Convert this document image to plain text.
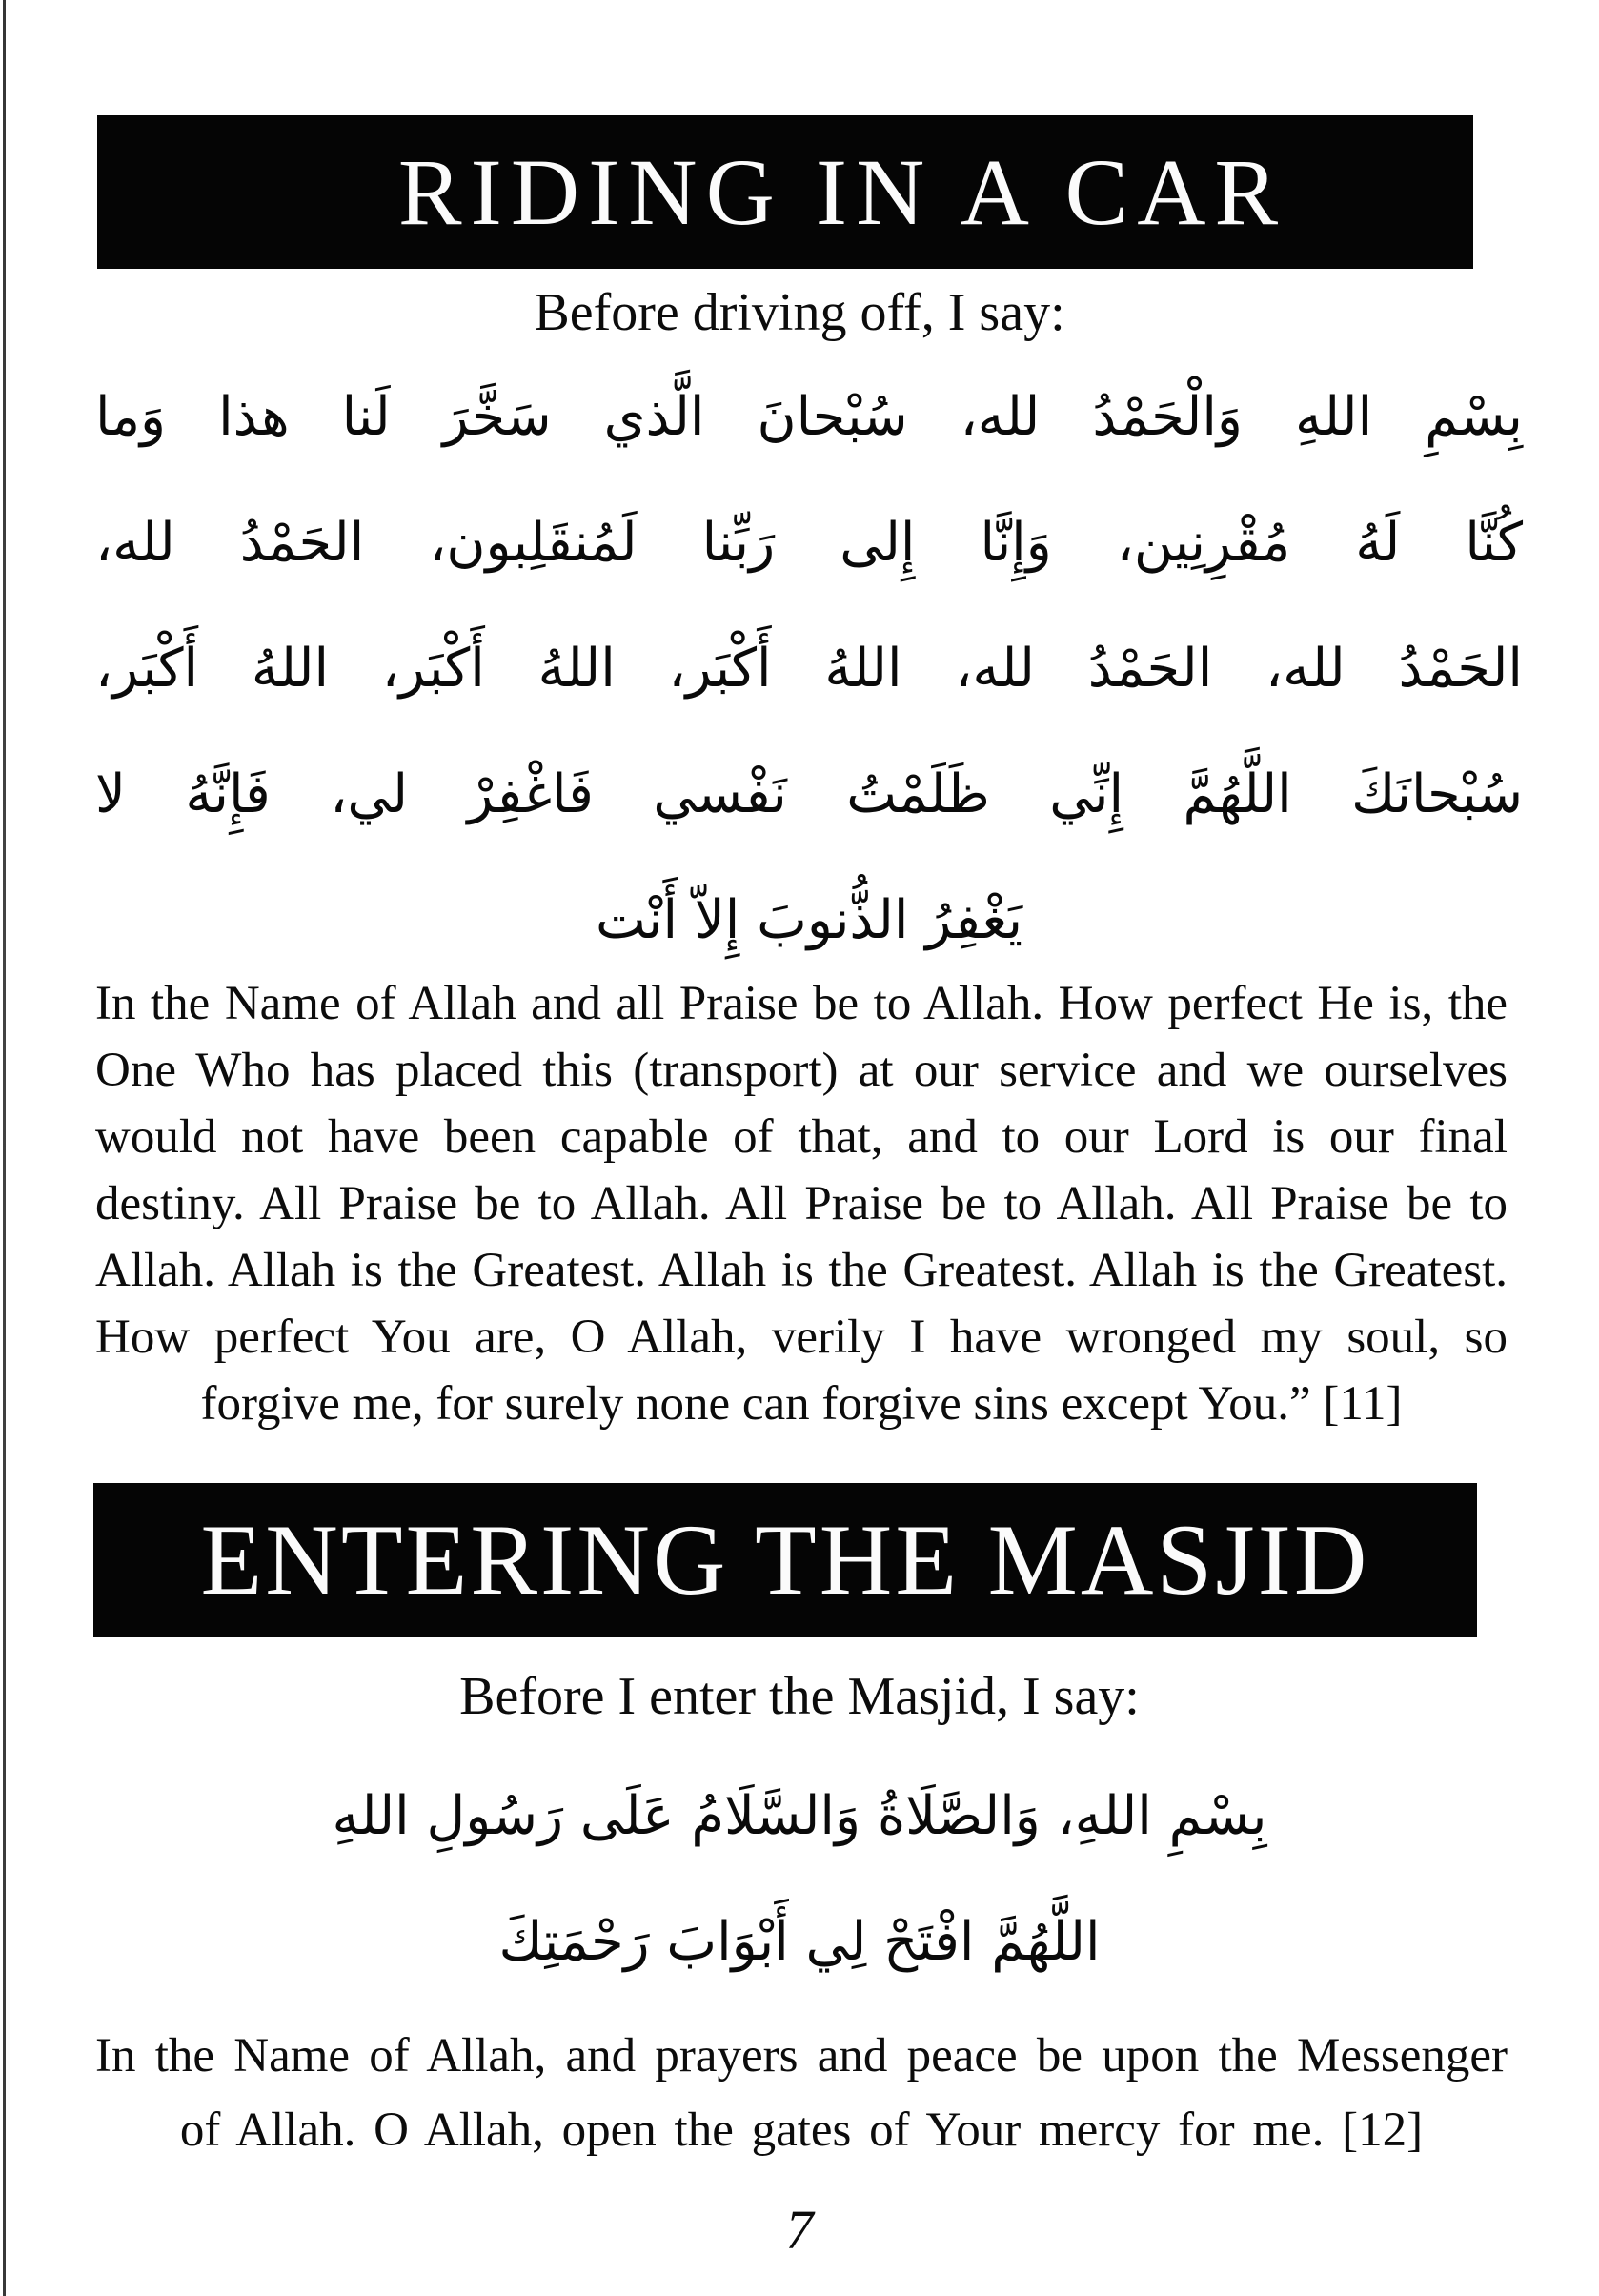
RIDING IN A CAR
Before driving off, I say:
بِسْمِ اللهِ وَالْحَمْدُ لله، سُبْحانَ الَّذي سَخَّرَ لَنا هذا وَما
كُنَّا لَهُ مُقْرِنِين، وَإِنَّا إِلى رَبِّنا لَمُنقَلِبون، الحَمْدُ لله،
الحَمْدُ لله، الحَمْدُ لله، اللهُ أَكْبَر، اللهُ أَكْبَر، اللهُ أَكْبَر،
سُبْحانَكَ اللَّهُمَّ إِنِّي ظَلَمْتُ نَفْسي فَاغْفِرْ لي، فَإِنَّهُ لا
يَغْفِرُ الذُّنوبَ إِلاّ أَنْت
In the Name of Allah and all Praise be to Allah. How perfect He is, the One Who has placed this (transport) at our service and we ourselves would not have been capable of that, and to our Lord is our final destiny. All Praise be to Allah. All Praise be to Allah. All Praise be to Allah. Allah is the Greatest. Allah is the Greatest. Allah is the Greatest. How perfect You are, O Allah, verily I have wronged my soul, so forgive me, for surely none can forgive sins except You.” [11]
ENTERING THE MASJID
Before I enter the Masjid, I say:
بِسْمِ اللهِ، وَالصَّلَاةُ وَالسَّلَامُ عَلَى رَسُولِ اللهِ
اللَّهُمَّ افْتَحْ لِي أَبْوَابَ رَحْمَتِكَ
In the Name of Allah, and prayers and peace be upon the Messenger of Allah. O Allah, open the gates of Your mercy for me. [12]
7
